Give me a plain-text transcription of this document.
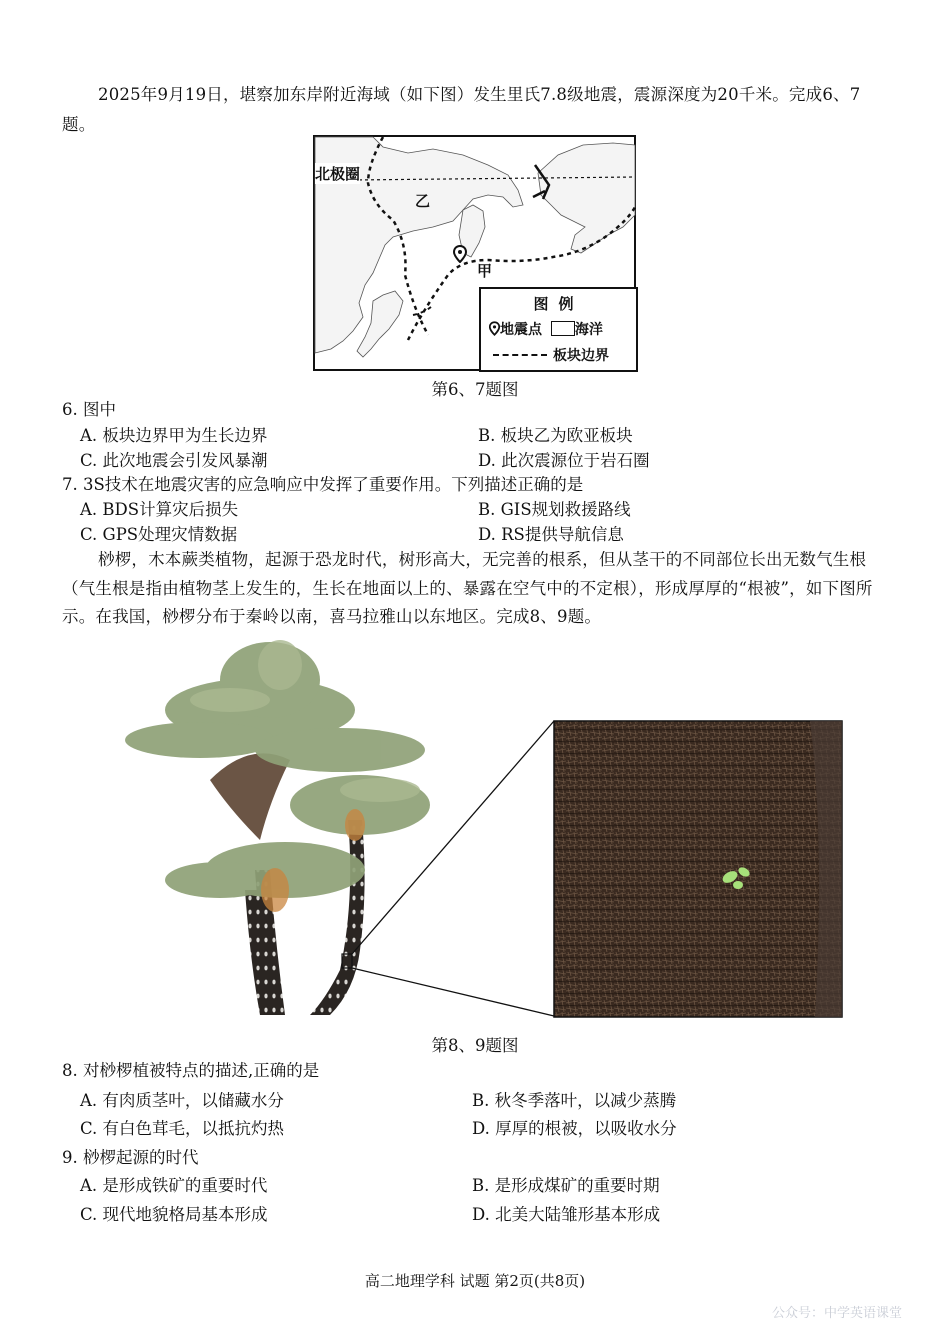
2025年9月19日，堪察加东岸附近海域（如下图）发生里氏7.8级地震，震源深度为20千米。完成6、7题。
北极圈
乙
甲
图例
地震点 海洋
板块边界
第6、7题图
6. 图中
A. 板块边界甲为生长边界	B. 板块乙为欧亚板块
C. 此次地震会引发风暴潮	D. 此次震源位于岩石圈
7. 3S技术在地震灾害的应急响应中发挥了重要作用。下列描述正确的是
A. BDS计算灾后损失	B. GIS规划救援路线
C. GPS处理灾情数据	D. RS提供导航信息
桫椤，木本蕨类植物，起源于恐龙时代，树形高大，无完善的根系，但从茎干的不同部位长出无数气生根（气生根是指由植物茎上发生的，生长在地面以上的、暴露在空气中的不定根），形成厚厚的“根被”，如下图所示。在我国，桫椤分布于秦岭以南，喜马拉雅山以东地区。完成8、9题。
第8、9题图
8. 对桫椤植被特点的描述,正确的是
A. 有肉质茎叶，以储藏水分	B. 秋冬季落叶，以减少蒸腾
C. 有白色茸毛，以抵抗灼热	D. 厚厚的根被，以吸收水分
9. 桫椤起源的时代
A. 是形成铁矿的重要时代	B. 是形成煤矿的重要时期
C. 现代地貌格局基本形成	D. 北美大陆雏形基本形成
高二地理学科 试题 第2页(共8页)
公众号：中学英语课堂
